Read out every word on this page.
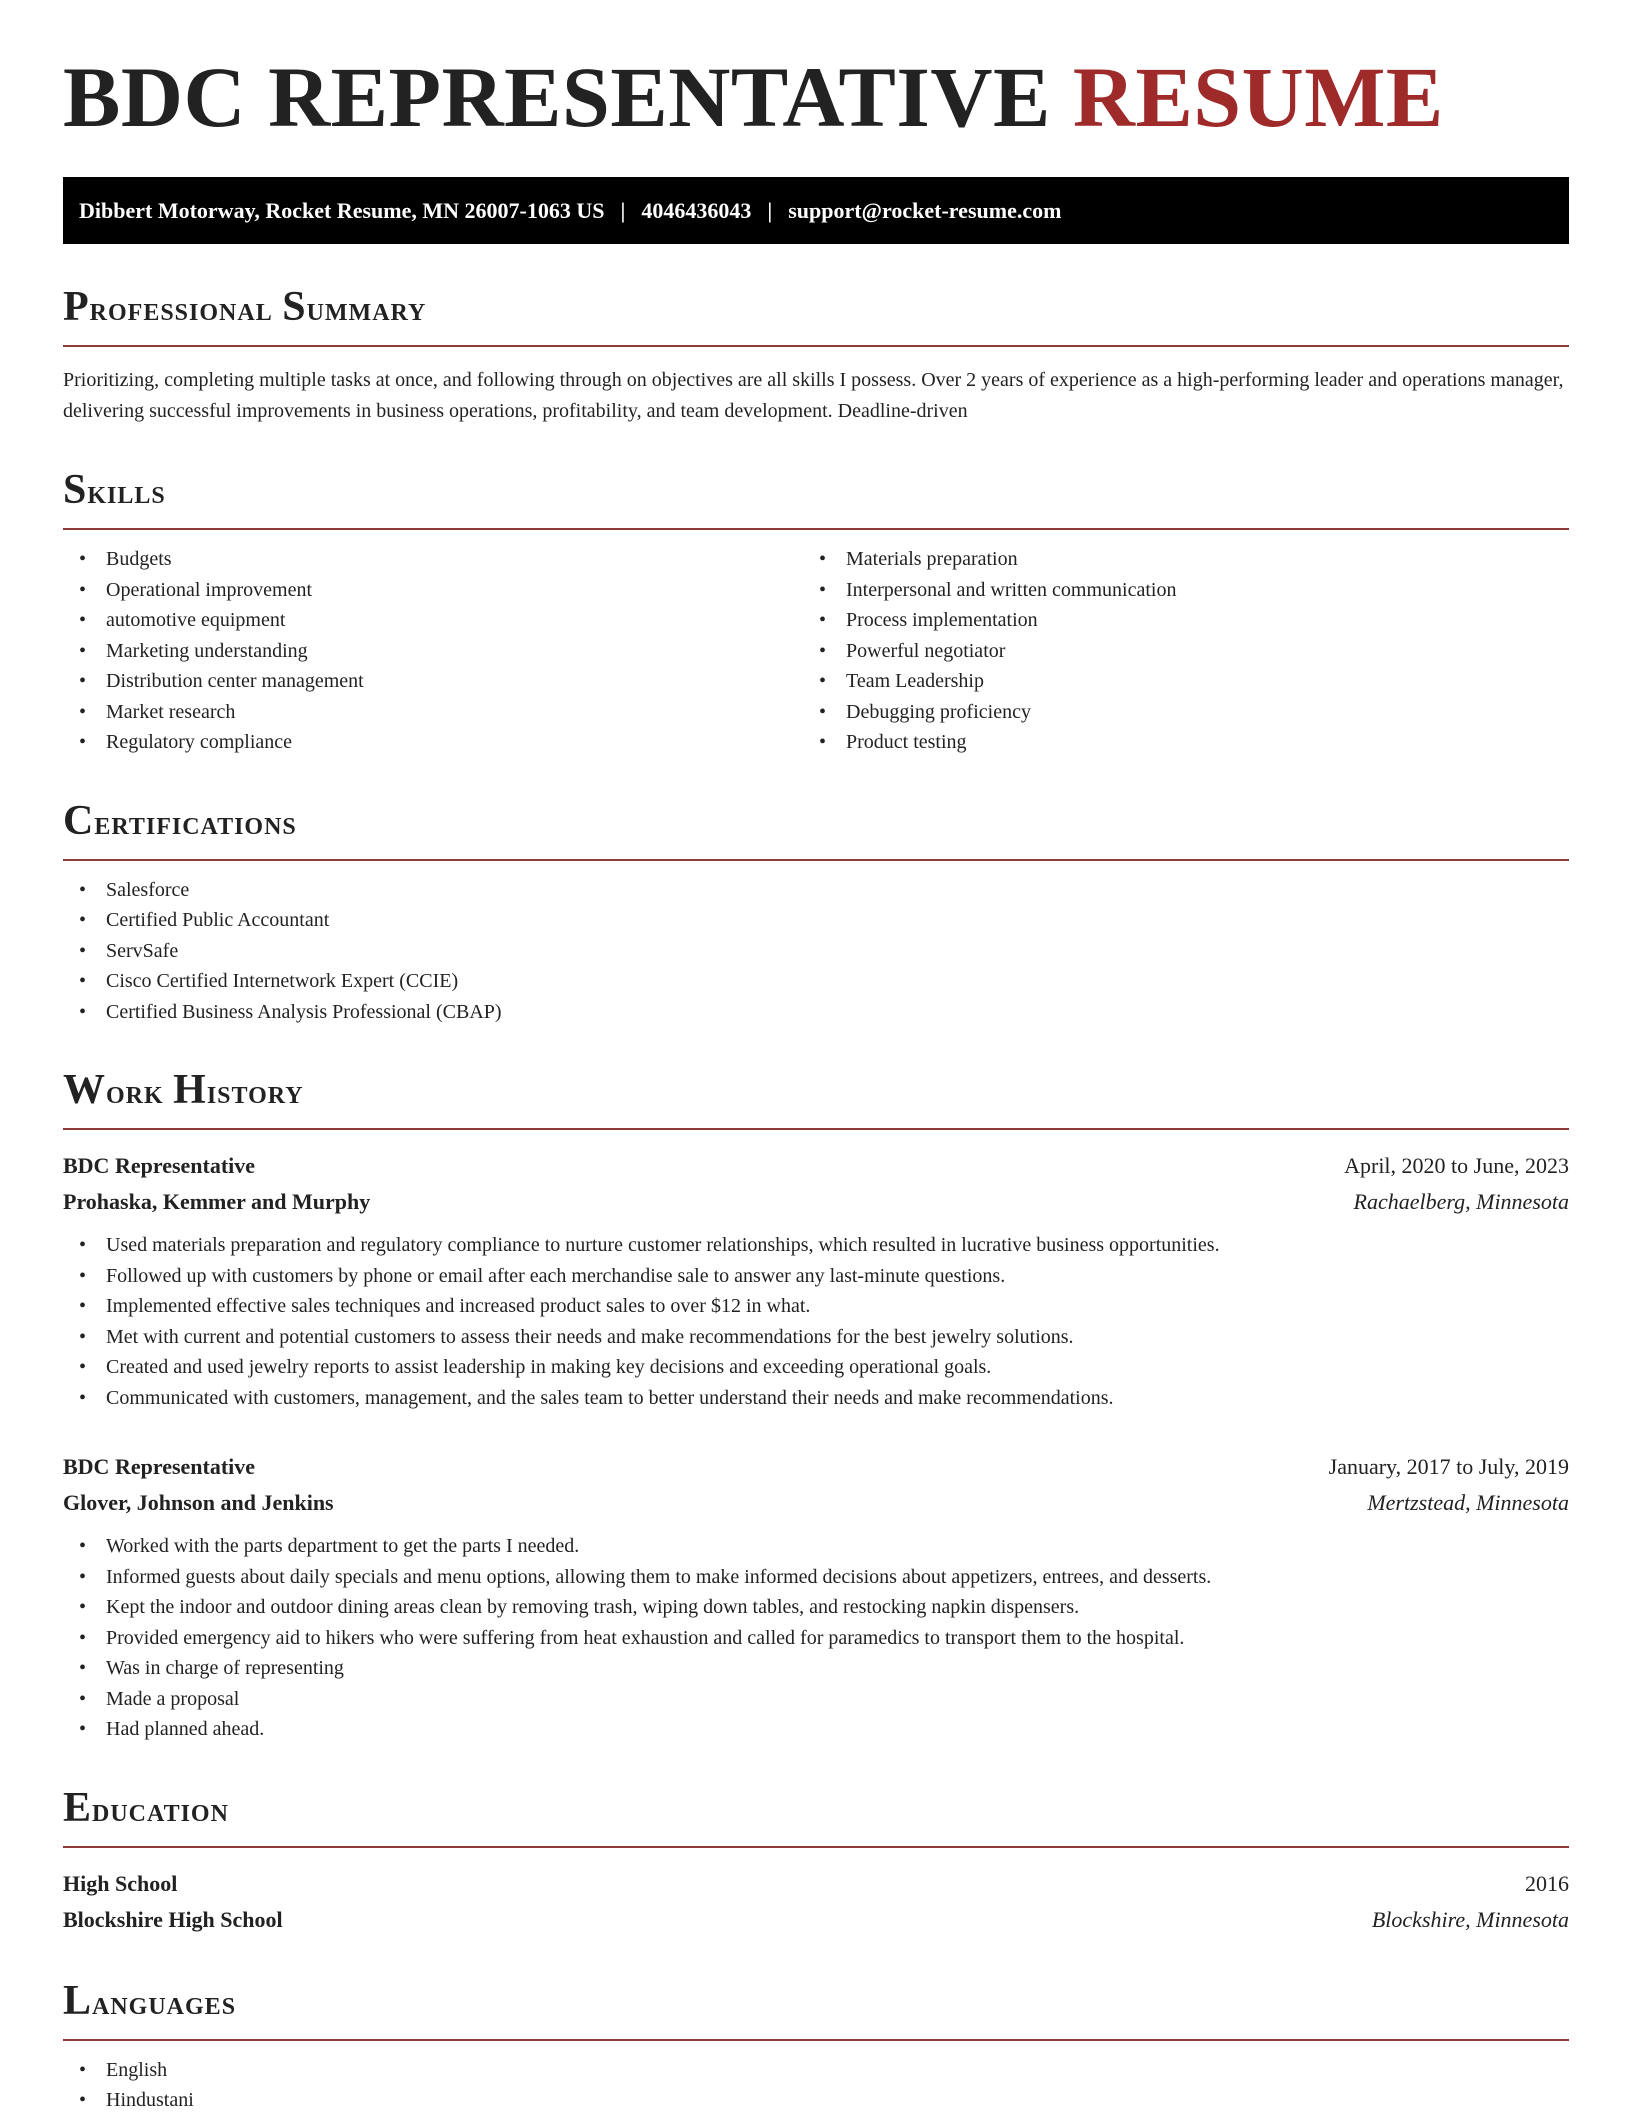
BDC REPRESENTATIVE RESUME
Dibbert Motorway, Rocket Resume, MN 26007-1063 US | 4046436043 | support@rocket-resume.com
Professional Summary

Prioritizing, completing multiple tasks at once, and following through on objectives are all skills I possess. Over 2 years of experience as a high-performing leader and operations manager, delivering successful improvements in business operations, profitability, and team development. Deadline-driven

Skills
• Budgets
• Operational improvement
• automotive equipment
• Marketing understanding
• Distribution center management
• Market research
• Regulatory compliance
• Materials preparation
• Interpersonal and written communication
• Process implementation
• Powerful negotiator
• Team Leadership
• Debugging proficiency
• Product testing
Certifications
• Salesforce
• Certified Public Accountant
• ServSafe
• Cisco Certified Internetwork Expert (CCIE)
• Certified Business Analysis Professional (CBAP)
Work History
BDC Representative	April, 2020 to June, 2023
Prohaska, Kemmer and Murphy	Rachaelberg, Minnesota
• Used materials preparation and regulatory compliance to nurture customer relationships, which resulted in lucrative business opportunities.
• Followed up with customers by phone or email after each merchandise sale to answer any last-minute questions.
• Implemented effective sales techniques and increased product sales to over $12 in what.
• Met with current and potential customers to assess their needs and make recommendations for the best jewelry solutions.
• Created and used jewelry reports to assist leadership in making key decisions and exceeding operational goals.
• Communicated with customers, management, and the sales team to better understand their needs and make recommendations.
BDC Representative	January, 2017 to July, 2019
Glover, Johnson and Jenkins	Mertzstead, Minnesota
• Worked with the parts department to get the parts I needed.
• Informed guests about daily specials and menu options, allowing them to make informed decisions about appetizers, entrees, and desserts.
• Kept the indoor and outdoor dining areas clean by removing trash, wiping down tables, and restocking napkin dispensers.
• Provided emergency aid to hikers who were suffering from heat exhaustion and called for paramedics to transport them to the hospital.
• Was in charge of representing
• Made a proposal
• Had planned ahead.
Education
High School	2016
Blockshire High School	Blockshire, Minnesota
Languages
• English
• Hindustani
